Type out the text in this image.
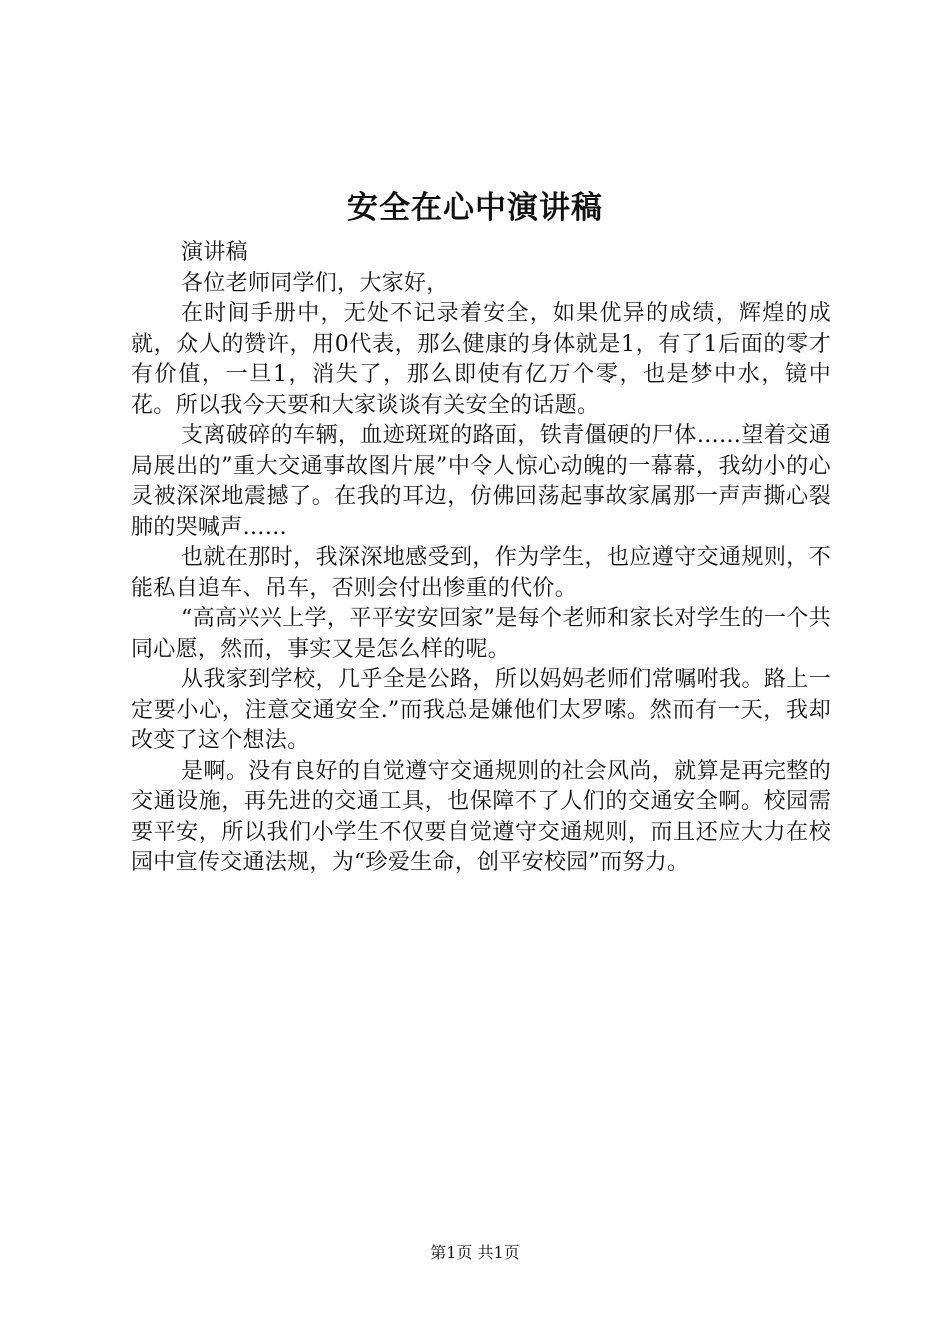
安全在心中演讲稿

演讲稿

各位老师同学们，大家好，

在时间手册中，无处不记录着安全，如果优异的成绩，辉煌的成就，众人的赞许，用0代表，那么健康的身体就是1，有了1后面的零才有价值，一旦1，消失了，那么即使有亿万个零，也是梦中水，镜中花。所以我今天要和大家谈谈有关安全的话题。

支离破碎的车辆，血迹斑斑的路面，铁青僵硬的尸体……望着交通局展出的”重大交通事故图片展”中令人惊心动魄的一幕幕，我幼小的心灵被深深地震撼了。在我的耳边，仿佛回荡起事故家属那一声声撕心裂肺的哭喊声……

也就在那时，我深深地感受到，作为学生，也应遵守交通规则，不能私自追车、吊车，否则会付出惨重的代价。

“高高兴兴上学，平平安安回家”是每个老师和家长对学生的一个共同心愿，然而，事实又是怎么样的呢。

从我家到学校，几乎全是公路，所以妈妈老师们常嘱咐我。路上一定要小心，注意交通安全.”而我总是嫌他们太罗嗦。然而有一天，我却改变了这个想法。

是啊。没有良好的自觉遵守交通规则的社会风尚，就算是再完整的交通设施，再先进的交通工具，也保障不了人们的交通安全啊。校园需要平安，所以我们小学生不仅要自觉遵守交通规则，而且还应大力在校园中宣传交通法规，为“珍爱生命，创平安校园”而努力。

第1页 共1页
